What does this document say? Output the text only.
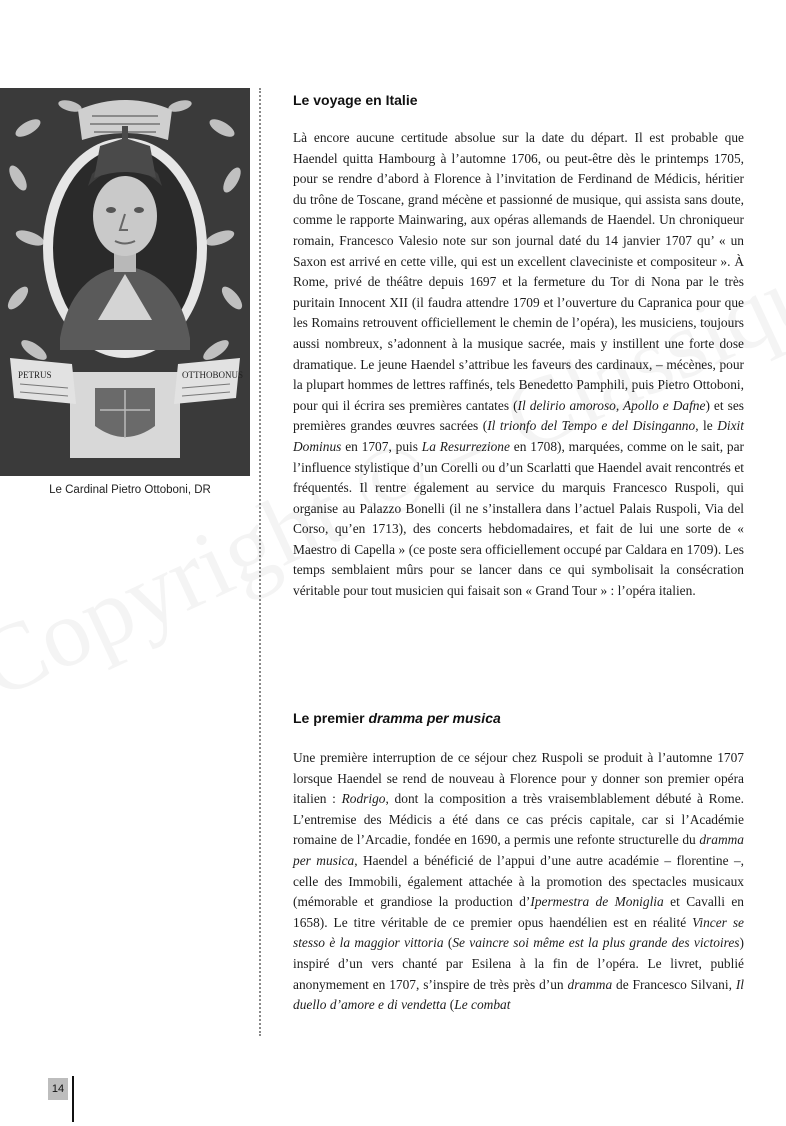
PETRUS	OTTHOBONUS
Le Cardinal Pietro Ottoboni, DR
Le voyage en Italie

Là encore aucune certitude absolue sur la date du départ. Il est probable que Haendel quitta Hambourg à l’automne 1706, ou peut-être dès le printemps 1705, pour se rendre d’abord à Florence à l’invitation de Ferdinand de Médicis, héritier du trône de Toscane, grand mécène et passionné de musique, qui assista sans doute, comme le rapporte Mainwaring, aux opéras allemands de Haendel. Un chroniqueur romain, Francesco Valesio note sur son journal daté du 14 janvier 1707 qu’ « un Saxon est arrivé en cette ville, qui est un excellent claveciniste et compositeur ». À Rome, privé de théâtre depuis 1697 et la fermeture du Tor di Nona par le très puritain Innocent XII (il faudra attendre 1709 et l’ouverture du Capranica pour que les Romains retrouvent officiellement le chemin de l’opéra), les musiciens, toujours aussi nombreux, s’adonnent à la musique sacrée, mais y instillent une forte dose dramatique. Le jeune Haendel s’attribue les faveurs des cardinaux, – mécènes, pour la plupart hommes de lettres raffinés, tels Benedetto Pamphili, puis Pietro Ottoboni, pour qui il écrira ses premières cantates (Il delirio amoroso, Apollo e Dafne) et ses premières grandes œuvres sacrées (Il trionfo del Tempo e del Disinganno, le Dixit Dominus en 1707, puis La Resurrezione en 1708), marquées, comme on le sait, par l’influence stylistique d’un Corelli ou d’un Scarlatti que Haendel avait rencontrés et fréquentés. Il rentre également au service du marquis Francesco Ruspoli, qui organise au Palazzo Bonelli (il ne s’installera dans l’actuel Palais Ruspoli, Via del Corso, qu’en 1713), des concerts hebdomadaires, et fait de lui une sorte de « Maestro di Capella » (ce poste sera officiellement occupé par Caldara en 1709). Les temps semblaient mûrs pour se lancer dans ce qui symbolisait la consécration véritable pour tout musicien qui faisait son « Grand Tour » : l’opéra italien.

Le premier dramma per musica

Une première interruption de ce séjour chez Ruspoli se produit à l’automne 1707 lorsque Haendel se rend de nouveau à Florence pour y donner son premier opéra italien : Rodrigo, dont la composition a très vraisemblablement débuté à Rome. L’entremise des Médicis a été dans ce cas précis capitale, car si l’Académie romaine de l’Arcadie, fondée en 1690, a permis une refonte structurelle du dramma per musica, Haendel a bénéficié de l’appui d’une autre académie – florentine –, celle des Immobili, également attachée à la promotion des spectacles musicaux (mémorable et grandiose la production d’Ipermestra de Moniglia et Cavalli en 1658). Le titre véritable de ce premier opus haendélien est en réalité Vincer se stesso è la maggior vittoria (Se vaincre soi même est la plus grande des victoires) inspiré d’un vers chanté par Esilena à la fin de l’opéra. Le livret, publié anonymement en 1707, s’inspire de très près d’un dramma de Francesco Silvani, Il duello d’amore e di vendetta (Le combat

14
